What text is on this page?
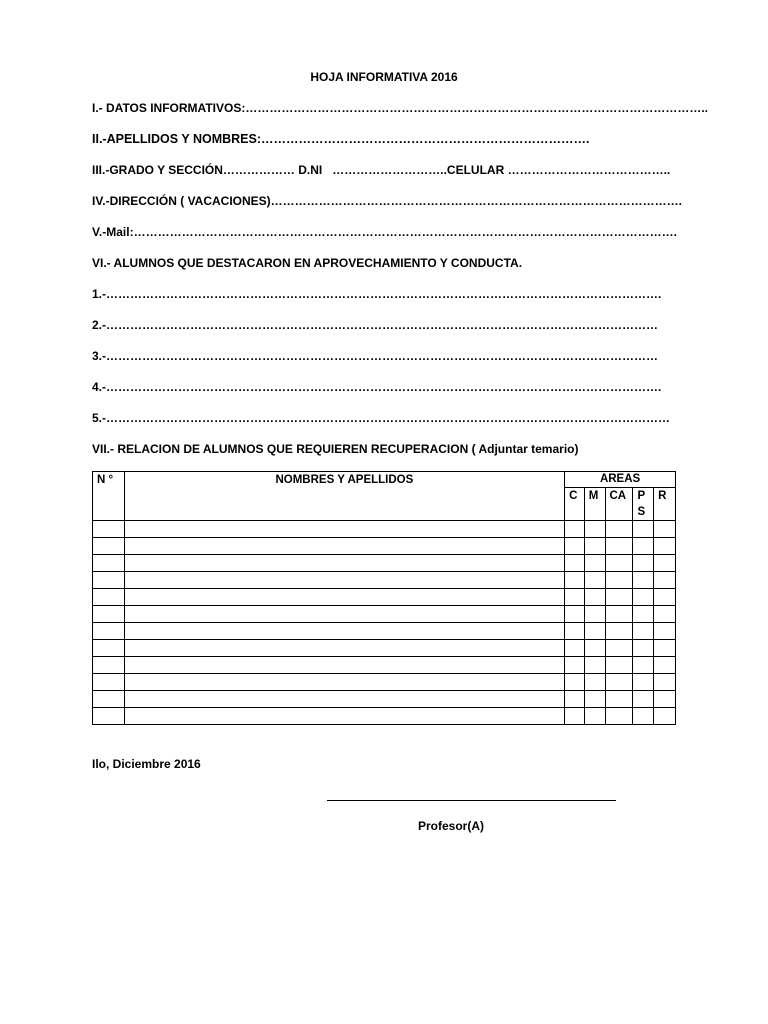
HOJA INFORMATIVA 2016
I.- DATOS INFORMATIVOS:……………………………………………………………………………………………………..
II.-APELLIDOS Y NOMBRES:…………………………………………………………………….
III.-GRADO Y SECCIÓN……………… D.NI   ………………………..CELULAR …………………………………..
IV.-DIRECCIÓN ( VACACIONES)………………………………………………………………………………………….
V.-Mail:……………………………………………………………………………………………………………………….
VI.- ALUMNOS QUE DESTACARON EN APROVECHAMIENTO Y CONDUCTA.
1.-………………………………………………………………………………………………………………………….
2.-…………………………………………………………………………………………………………………………
3.-…………………………………………………………………………………………………………………………
4.-………………………………………………………………………………………………………………………….
5.-……………………………………………………………………………………………………………………………
VII.- RELACION DE ALUMNOS QUE REQUIEREN RECUPERACION ( Adjuntar temario)
N °	NOMBRES Y APELLIDOS	AREAS				
		C	M	CA	P S	R

Ilo, Diciembre 2016
Profesor(A)
